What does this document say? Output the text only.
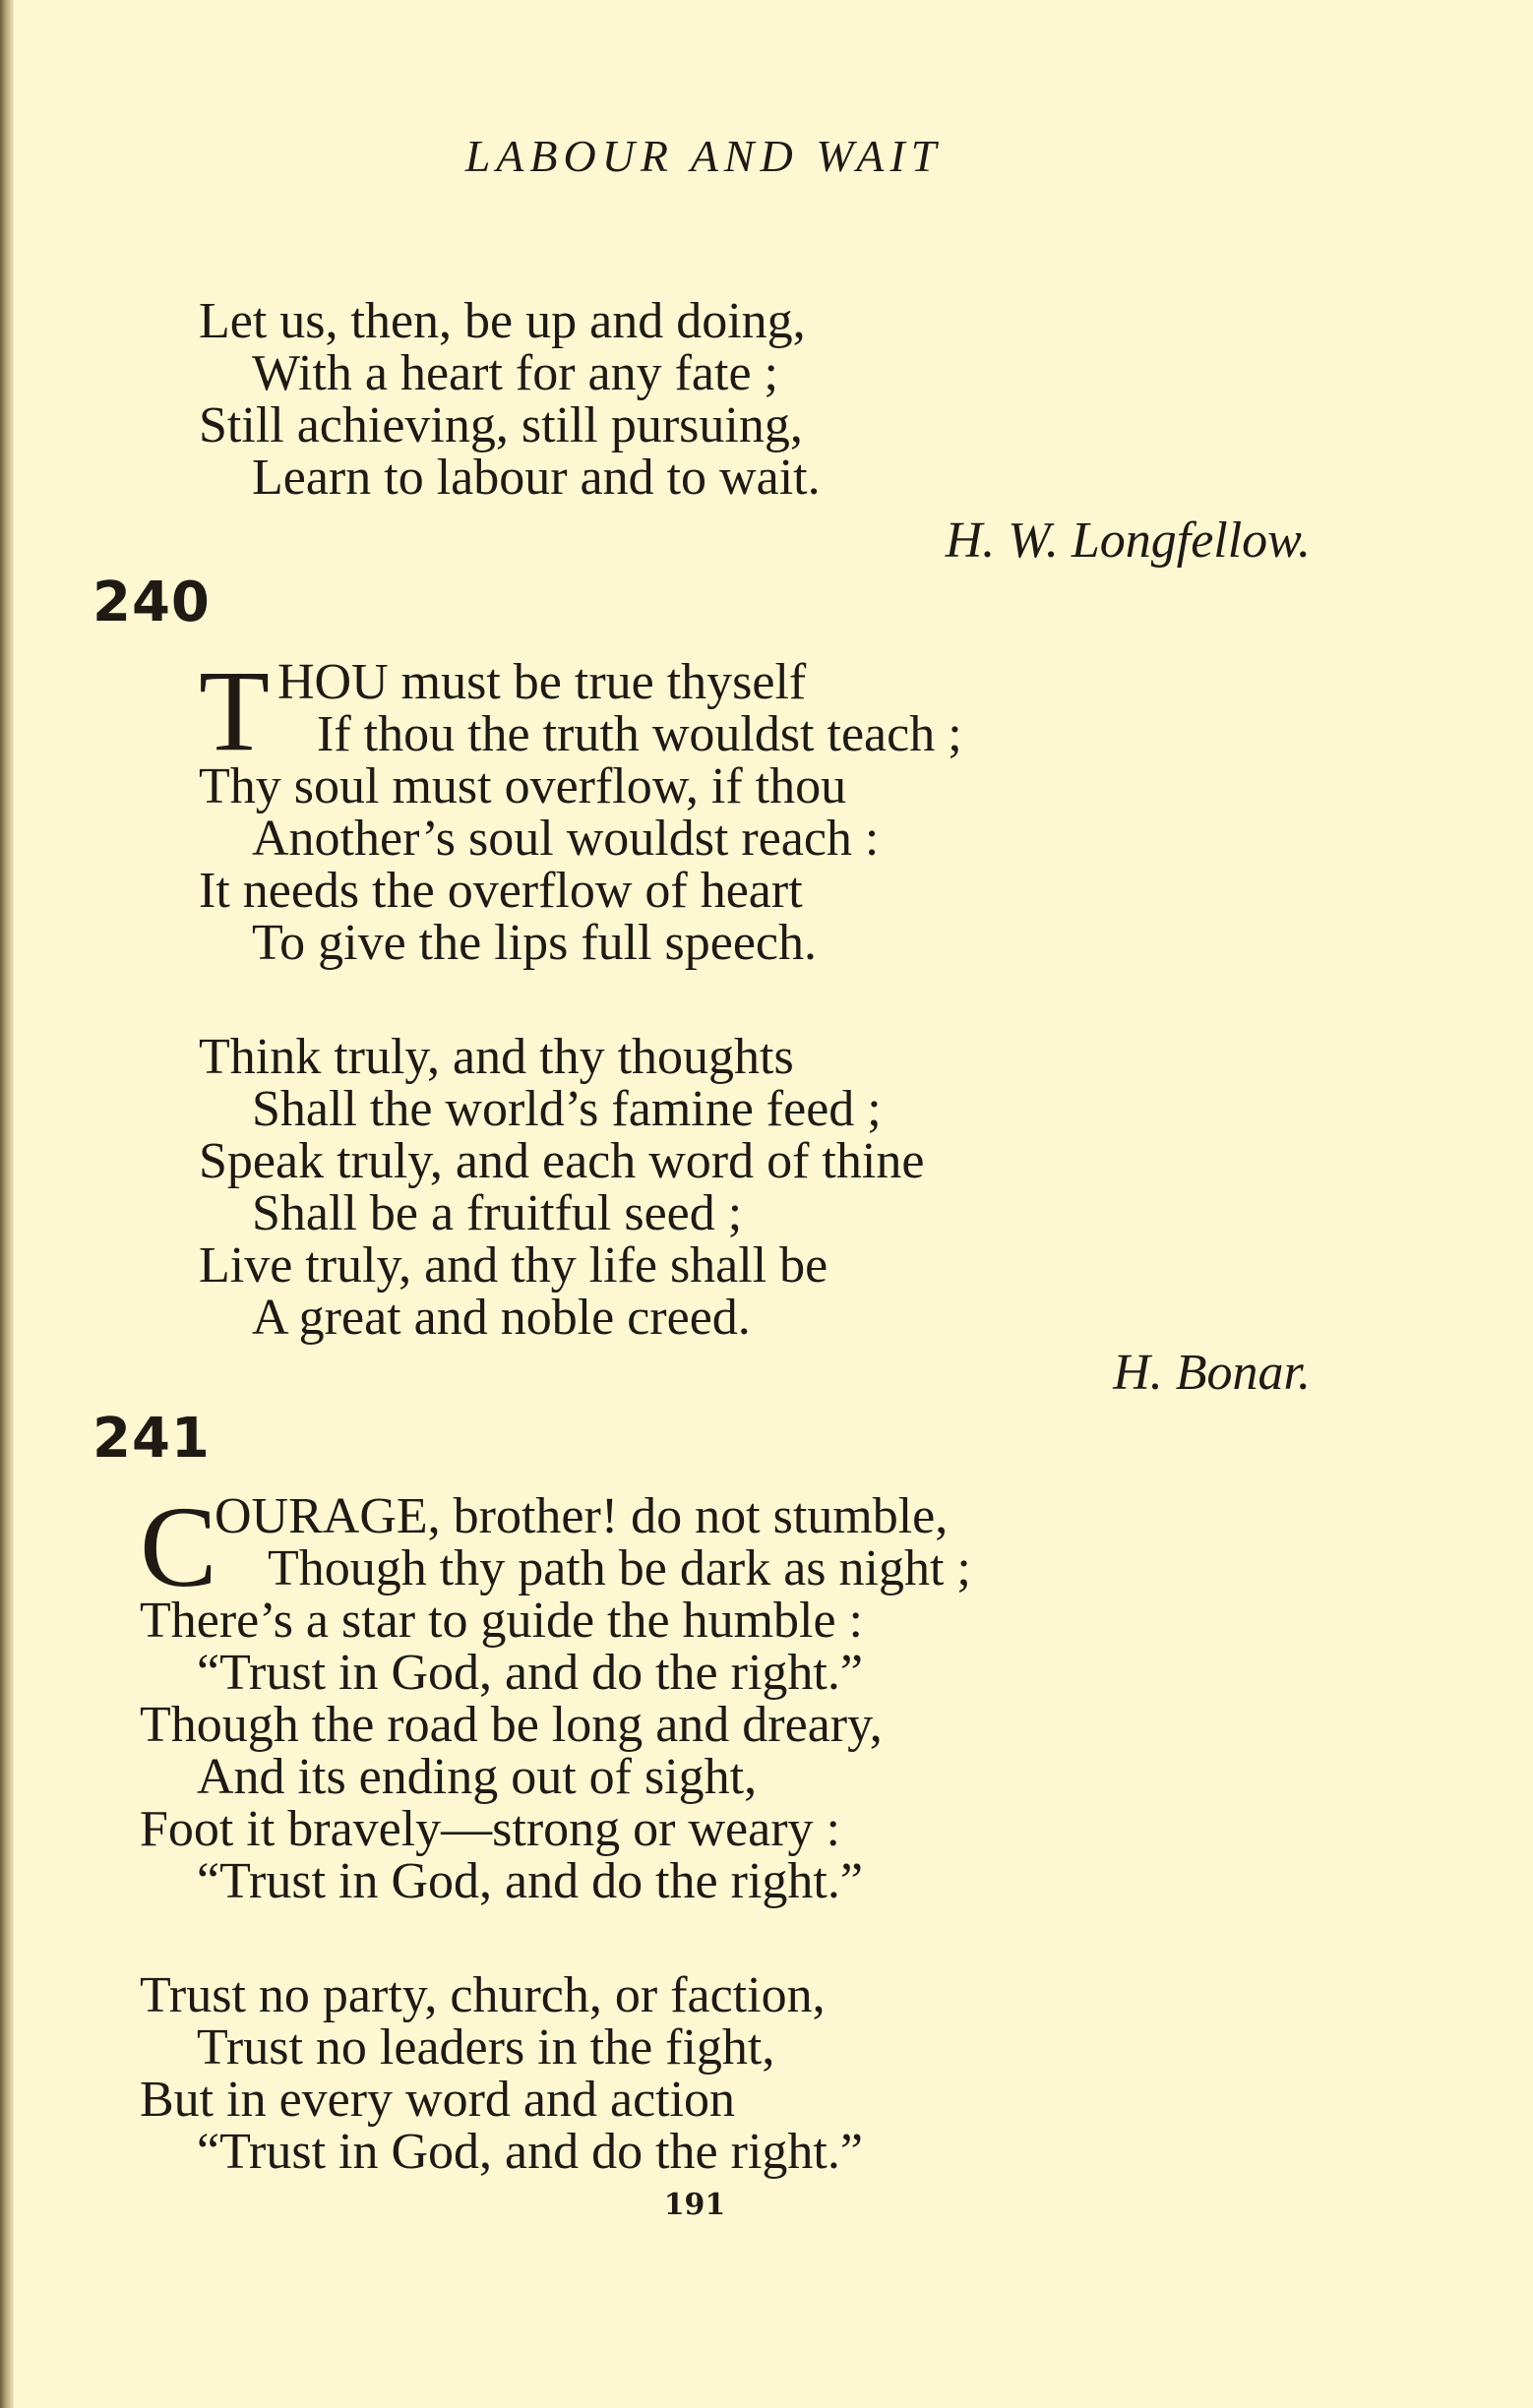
LABOUR AND WAIT
Let us, then, be up and doing,
With a heart for any fate ;
Still achieving, still pursuing,
Learn to labour and to wait.
H. W. Longfellow.
240
T HOU must be true thyself
If thou the truth wouldst teach ;
Thy soul must overflow, if thou
Another’s soul wouldst reach :
It needs the overflow of heart
To give the lips full speech.
Think truly, and thy thoughts
Shall the world’s famine feed ;
Speak truly, and each word of thine
Shall be a fruitful seed ;
Live truly, and thy life shall be
A great and noble creed.
H. Bonar.
241
C
OURAGE, brother! do not stumble,
Though thy path be dark as night ;
There’s a star to guide the humble :
“Trust in God, and do the right.”
Though the road be long and dreary,
And its ending out of sight,
Foot it bravely—strong or weary :
“Trust in God, and do the right.”
Trust no party, church, or faction,
Trust no leaders in the fight,
But in every word and action
“Trust in God, and do the right.”
191
